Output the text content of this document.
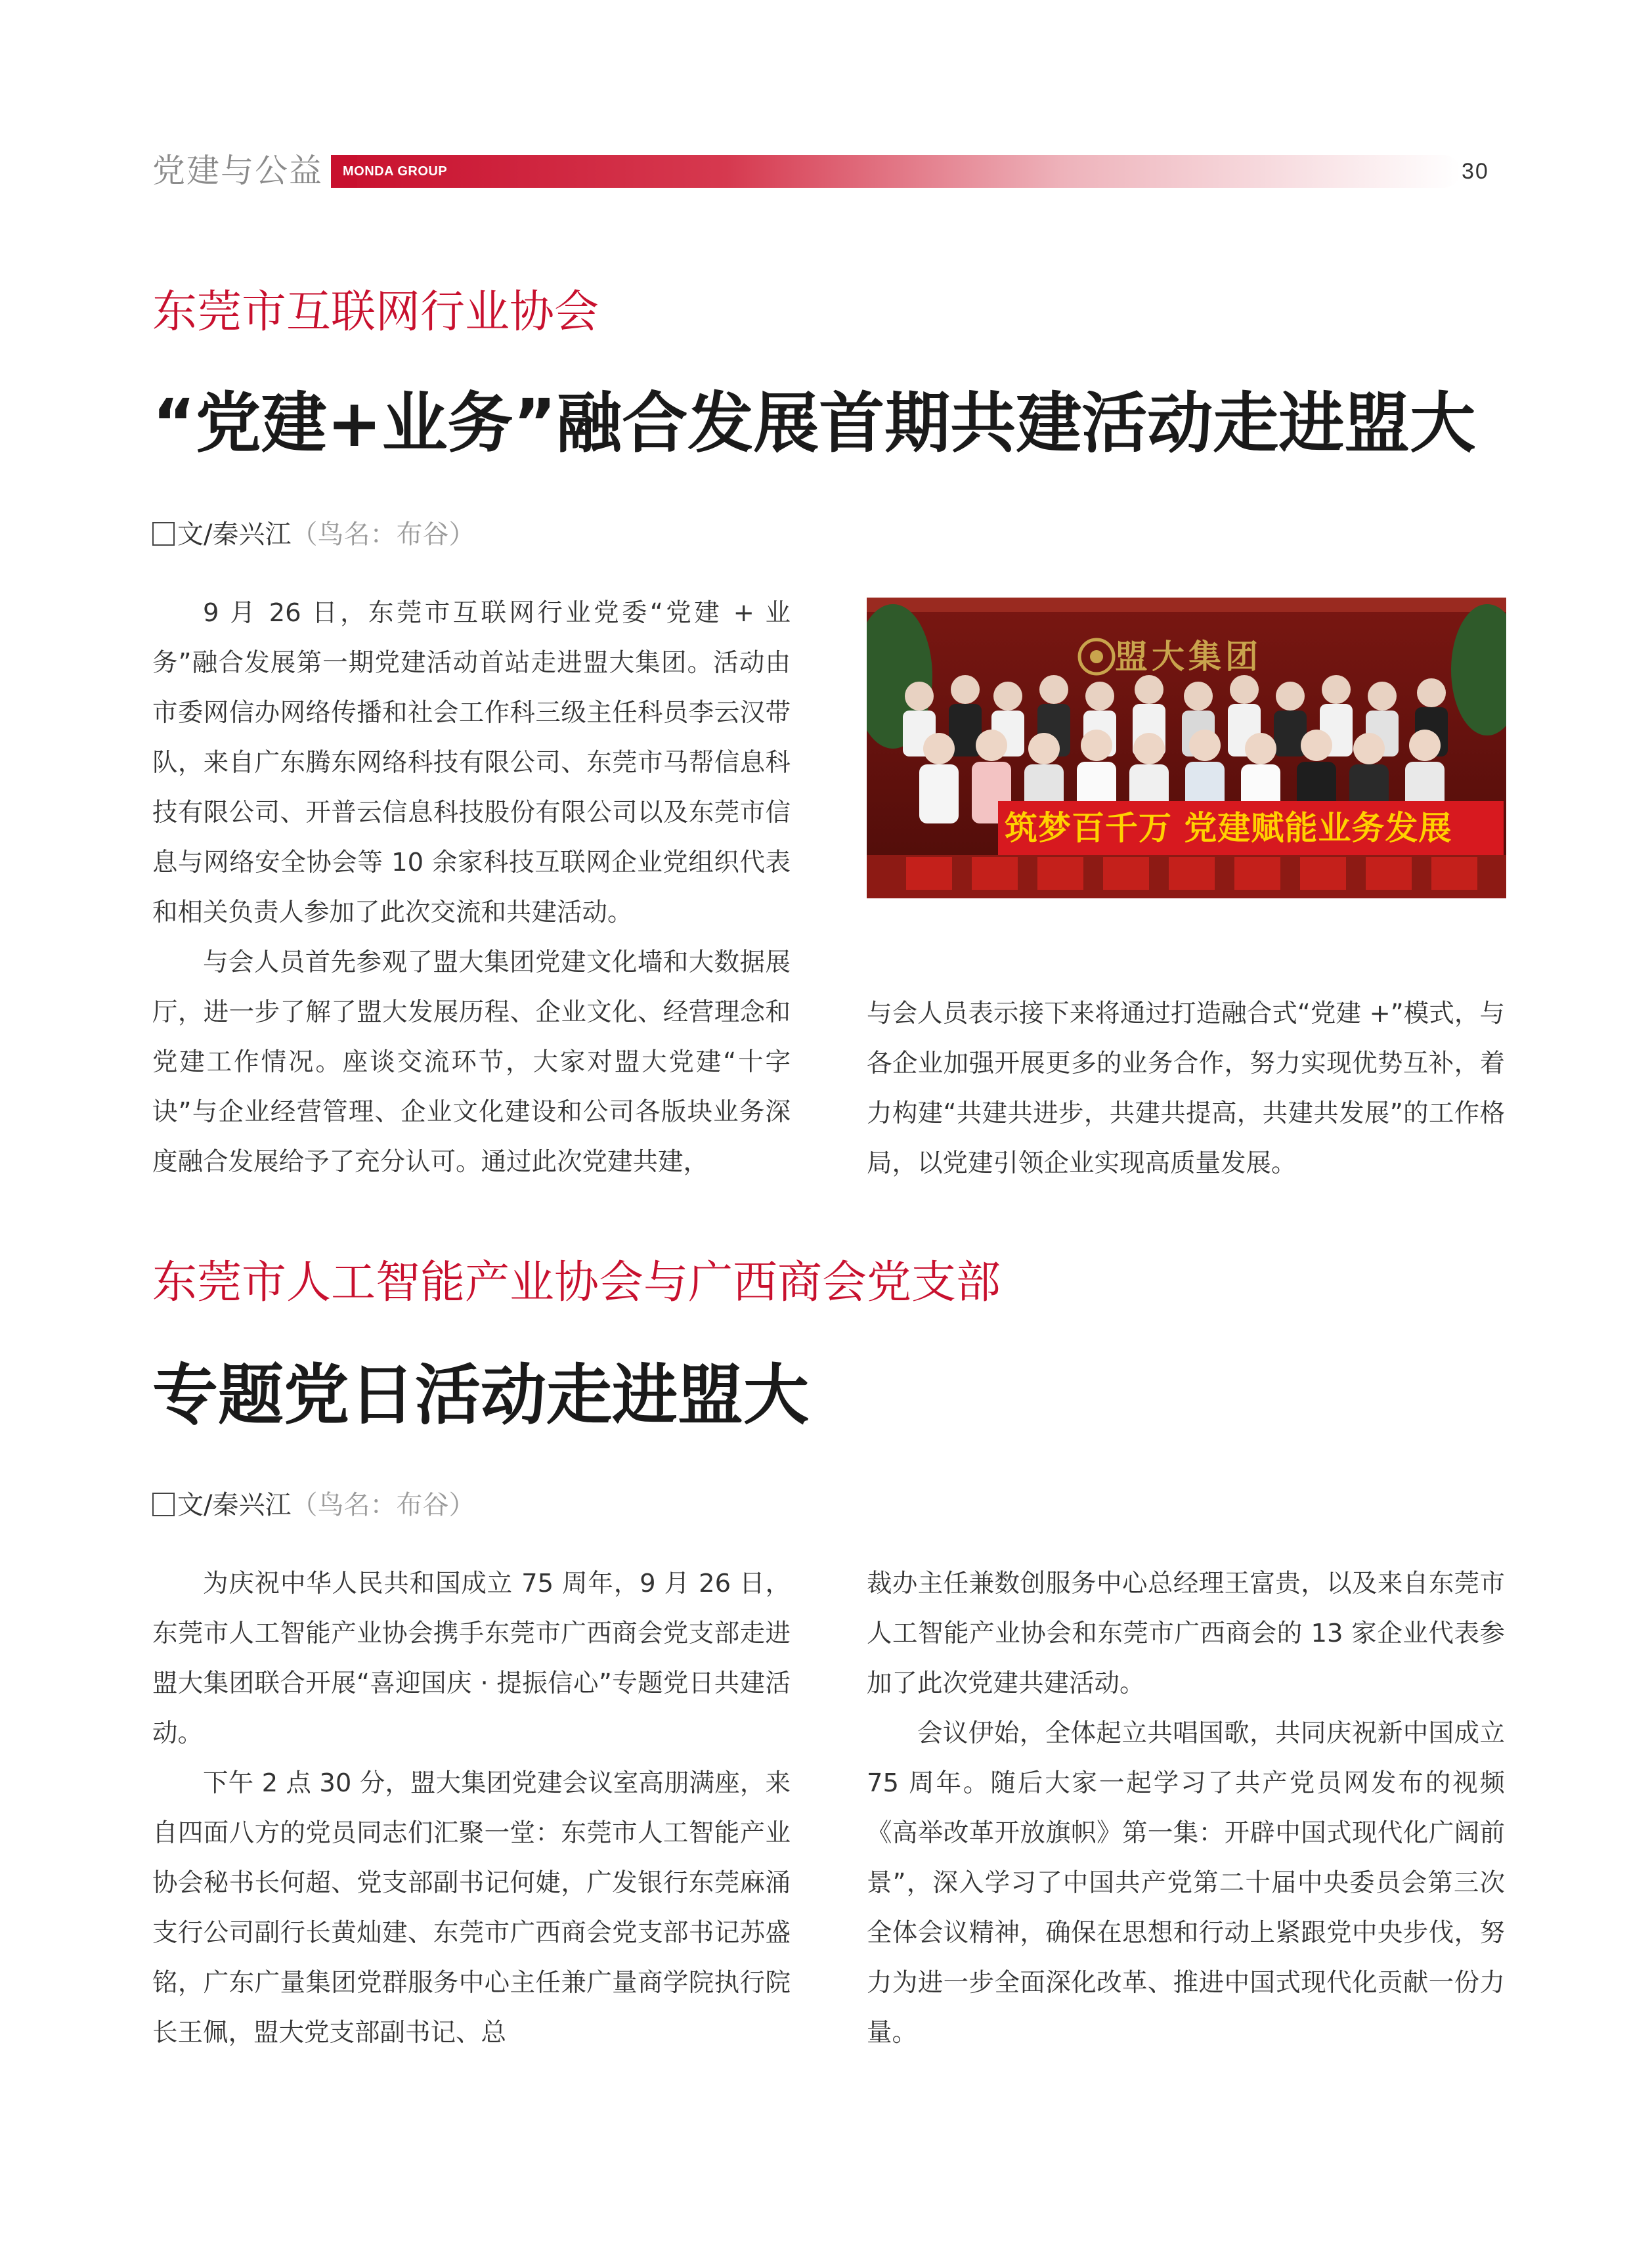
党建与公益 MONDA GROUP	30
东莞市互联网行业协会
“党建+业务”融合发展首期共建活动走进盟大
文/秦兴江（鸟名：布谷）

9 月 26 日，东莞市互联网行业党委“党建 + 业务”融合发展第一期党建活动首站走进盟大集团。活动由市委网信办网络传播和社会工作科三级主任科员李云汉带队，来自广东腾东网络科技有限公司、东莞市马帮信息科技有限公司、开普云信息科技股份有限公司以及东莞市信息与网络安全协会等 10 余家科技互联网企业党组织代表和相关负责人参加了此次交流和共建活动。

与会人员首先参观了盟大集团党建文化墙和大数据展厅，进一步了解了盟大发展历程、企业文化、经营理念和党建工作情况。座谈交流环节，大家对盟大党建“十字诀”与企业经营管理、企业文化建设和公司各版块业务深度融合发展给予了充分认可。通过此次党建共建，

盟大集团
筑梦百千万 党建赋能业务发展

与会人员表示接下来将通过打造融合式“党建 +”模式，与各企业加强开展更多的业务合作，努力实现优势互补，着力构建“共建共进步，共建共提高，共建共发展”的工作格局，以党建引领企业实现高质量发展。

东莞市人工智能产业协会与广西商会党支部
专题党日活动走进盟大
文/秦兴江（鸟名：布谷）

为庆祝中华人民共和国成立 75 周年，9 月 26 日，东莞市人工智能产业协会携手东莞市广西商会党支部走进盟大集团联合开展“喜迎国庆 · 提振信心”专题党日共建活动。

下午 2 点 30 分，盟大集团党建会议室高朋满座，来自四面八方的党员同志们汇聚一堂：东莞市人工智能产业协会秘书长何超、党支部副书记何婕，广发银行东莞麻涌支行公司副行长黄灿建、东莞市广西商会党支部书记苏盛铭，广东广量集团党群服务中心主任兼广量商学院执行院长王佩，盟大党支部副书记、总

裁办主任兼数创服务中心总经理王富贵，以及来自东莞市人工智能产业协会和东莞市广西商会的 13 家企业代表参加了此次党建共建活动。

会议伊始，全体起立共唱国歌，共同庆祝新中国成立 75 周年。随后大家一起学习了共产党员网发布的视频《高举改革开放旗帜》第一集：开辟中国式现代化广阔前景”，深入学习了中国共产党第二十届中央委员会第三次全体会议精神，确保在思想和行动上紧跟党中央步伐，努力为进一步全面深化改革、推进中国式现代化贡献一份力量。
